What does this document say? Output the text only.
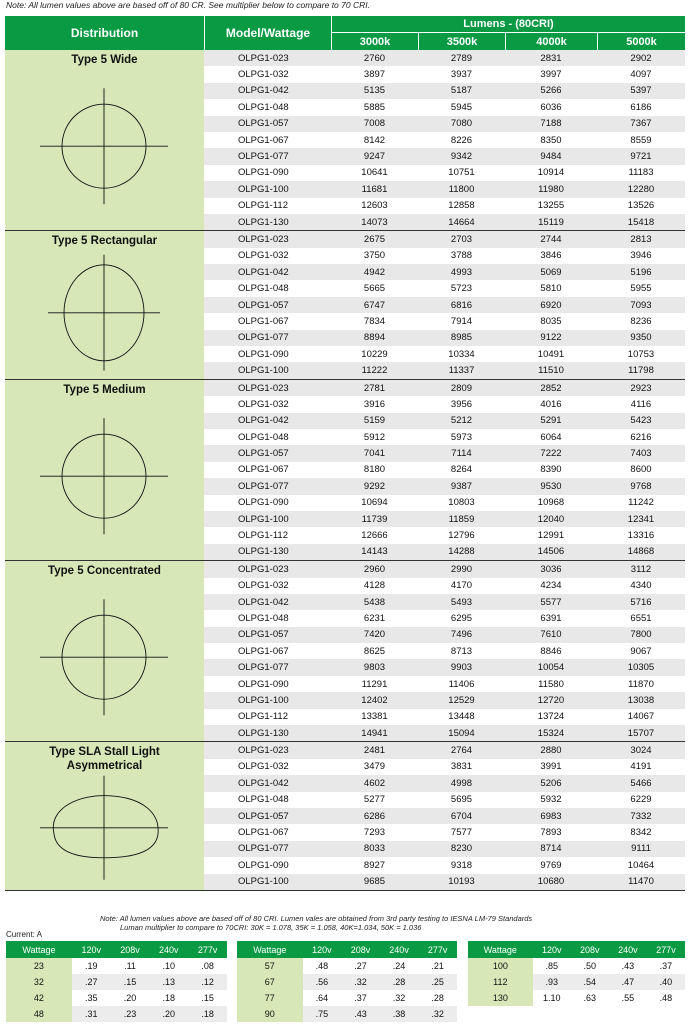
Note: All lumen values above are based off of 80 CR. See multiplier below to compare to 70 CRI.
Distribution	Model/Wattage
Lumens - (80CRI)
3000k	3500k	4000k	5000k
Type 5 Wide	OLPG1-023	2760	2789	2831	2902
OLPG1-032	3897	3937	3997	4097
OLPG1-042	5135	5187	5266	5397
OLPG1-048	5885	5945	6036	6186
OLPG1-057	7008	7080	7188	7367
OLPG1-067	8142	8226	8350	8559
OLPG1-077	9247	9342	9484	9721
OLPG1-090	10641	10751	10914	11183
OLPG1-100	11681	11800	11980	12280
OLPG1-112	12603	12858	13255	13526
OLPG1-130	14073	14664	15119	15418
Type 5 Rectangular	OLPG1-023	2675	2703	2744	2813
OLPG1-032	3750	3788	3846	3946
OLPG1-042	4942	4993	5069	5196
OLPG1-048	5665	5723	5810	5955
OLPG1-057	6747	6816	6920	7093
OLPG1-067	7834	7914	8035	8236
OLPG1-077	8894	8985	9122	9350
OLPG1-090	10229	10334	10491	10753
OLPG1-100	11222	11337	11510	11798
Type 5 Medium	OLPG1-023	2781	2809	2852	2923
OLPG1-032	3916	3956	4016	4116
OLPG1-042	5159	5212	5291	5423
OLPG1-048	5912	5973	6064	6216
OLPG1-057	7041	7114	7222	7403
OLPG1-067	8180	8264	8390	8600
OLPG1-077	9292	9387	9530	9768
OLPG1-090	10694	10803	10968	11242
OLPG1-100	11739	11859	12040	12341
OLPG1-112	12666	12796	12991	13316
OLPG1-130	14143	14288	14506	14868
Type 5 Concentrated	OLPG1-023	2960	2990	3036	3112
OLPG1-032	4128	4170	4234	4340
OLPG1-042	5438	5493	5577	5716
OLPG1-048	6231	6295	6391	6551
OLPG1-057	7420	7496	7610	7800
OLPG1-067	8625	8713	8846	9067
OLPG1-077	9803	9903	10054	10305
OLPG1-090	11291	11406	11580	11870
OLPG1-100	12402	12529	12720	13038
OLPG1-112	13381	13448	13724	14067
OLPG1-130	14941	15094	15324	15707
Type SLA Stall Light
Asymmetrical
OLPG1-023	2481	2764	2880	3024
OLPG1-032	3479	3831	3991	4191
OLPG1-042	4602	4998	5206	5466
OLPG1-048	5277	5695	5932	6229
OLPG1-057	6286	6704	6983	7332
OLPG1-067	7293	7577	7893	8342
OLPG1-077	8033	8230	8714	9111
OLPG1-090	8927	9318	9769	10464
OLPG1-100	9685	10193	10680	11470
Note: All lumen values above are based off of 80 CRI. Lumen vales are obtained from 3rd party testing to IESNA LM-79 Standards
Luman multiplier to compare to 70CRI: 30K = 1.078, 35K = 1.058, 40K=1.034, 50K = 1.036
Current: A
Wattage	120v	208v	240v	277v
23	.19	.11	.10	.08
32	.27	.15	.13	.12
42	.35	.20	.18	.15
48	.31	.23	.20	.18
Wattage	120v	208v	240v	277v
57	.48	.27	.24	.21
67	.56	.32	.28	.25
77	.64	.37	.32	.28
90	.75	.43	.38	.32
Wattage	120v	208v	240v	277v
100	.85	.50	.43	.37
112	.93	.54	.47	.40
130	1.10	.63	.55	.48
